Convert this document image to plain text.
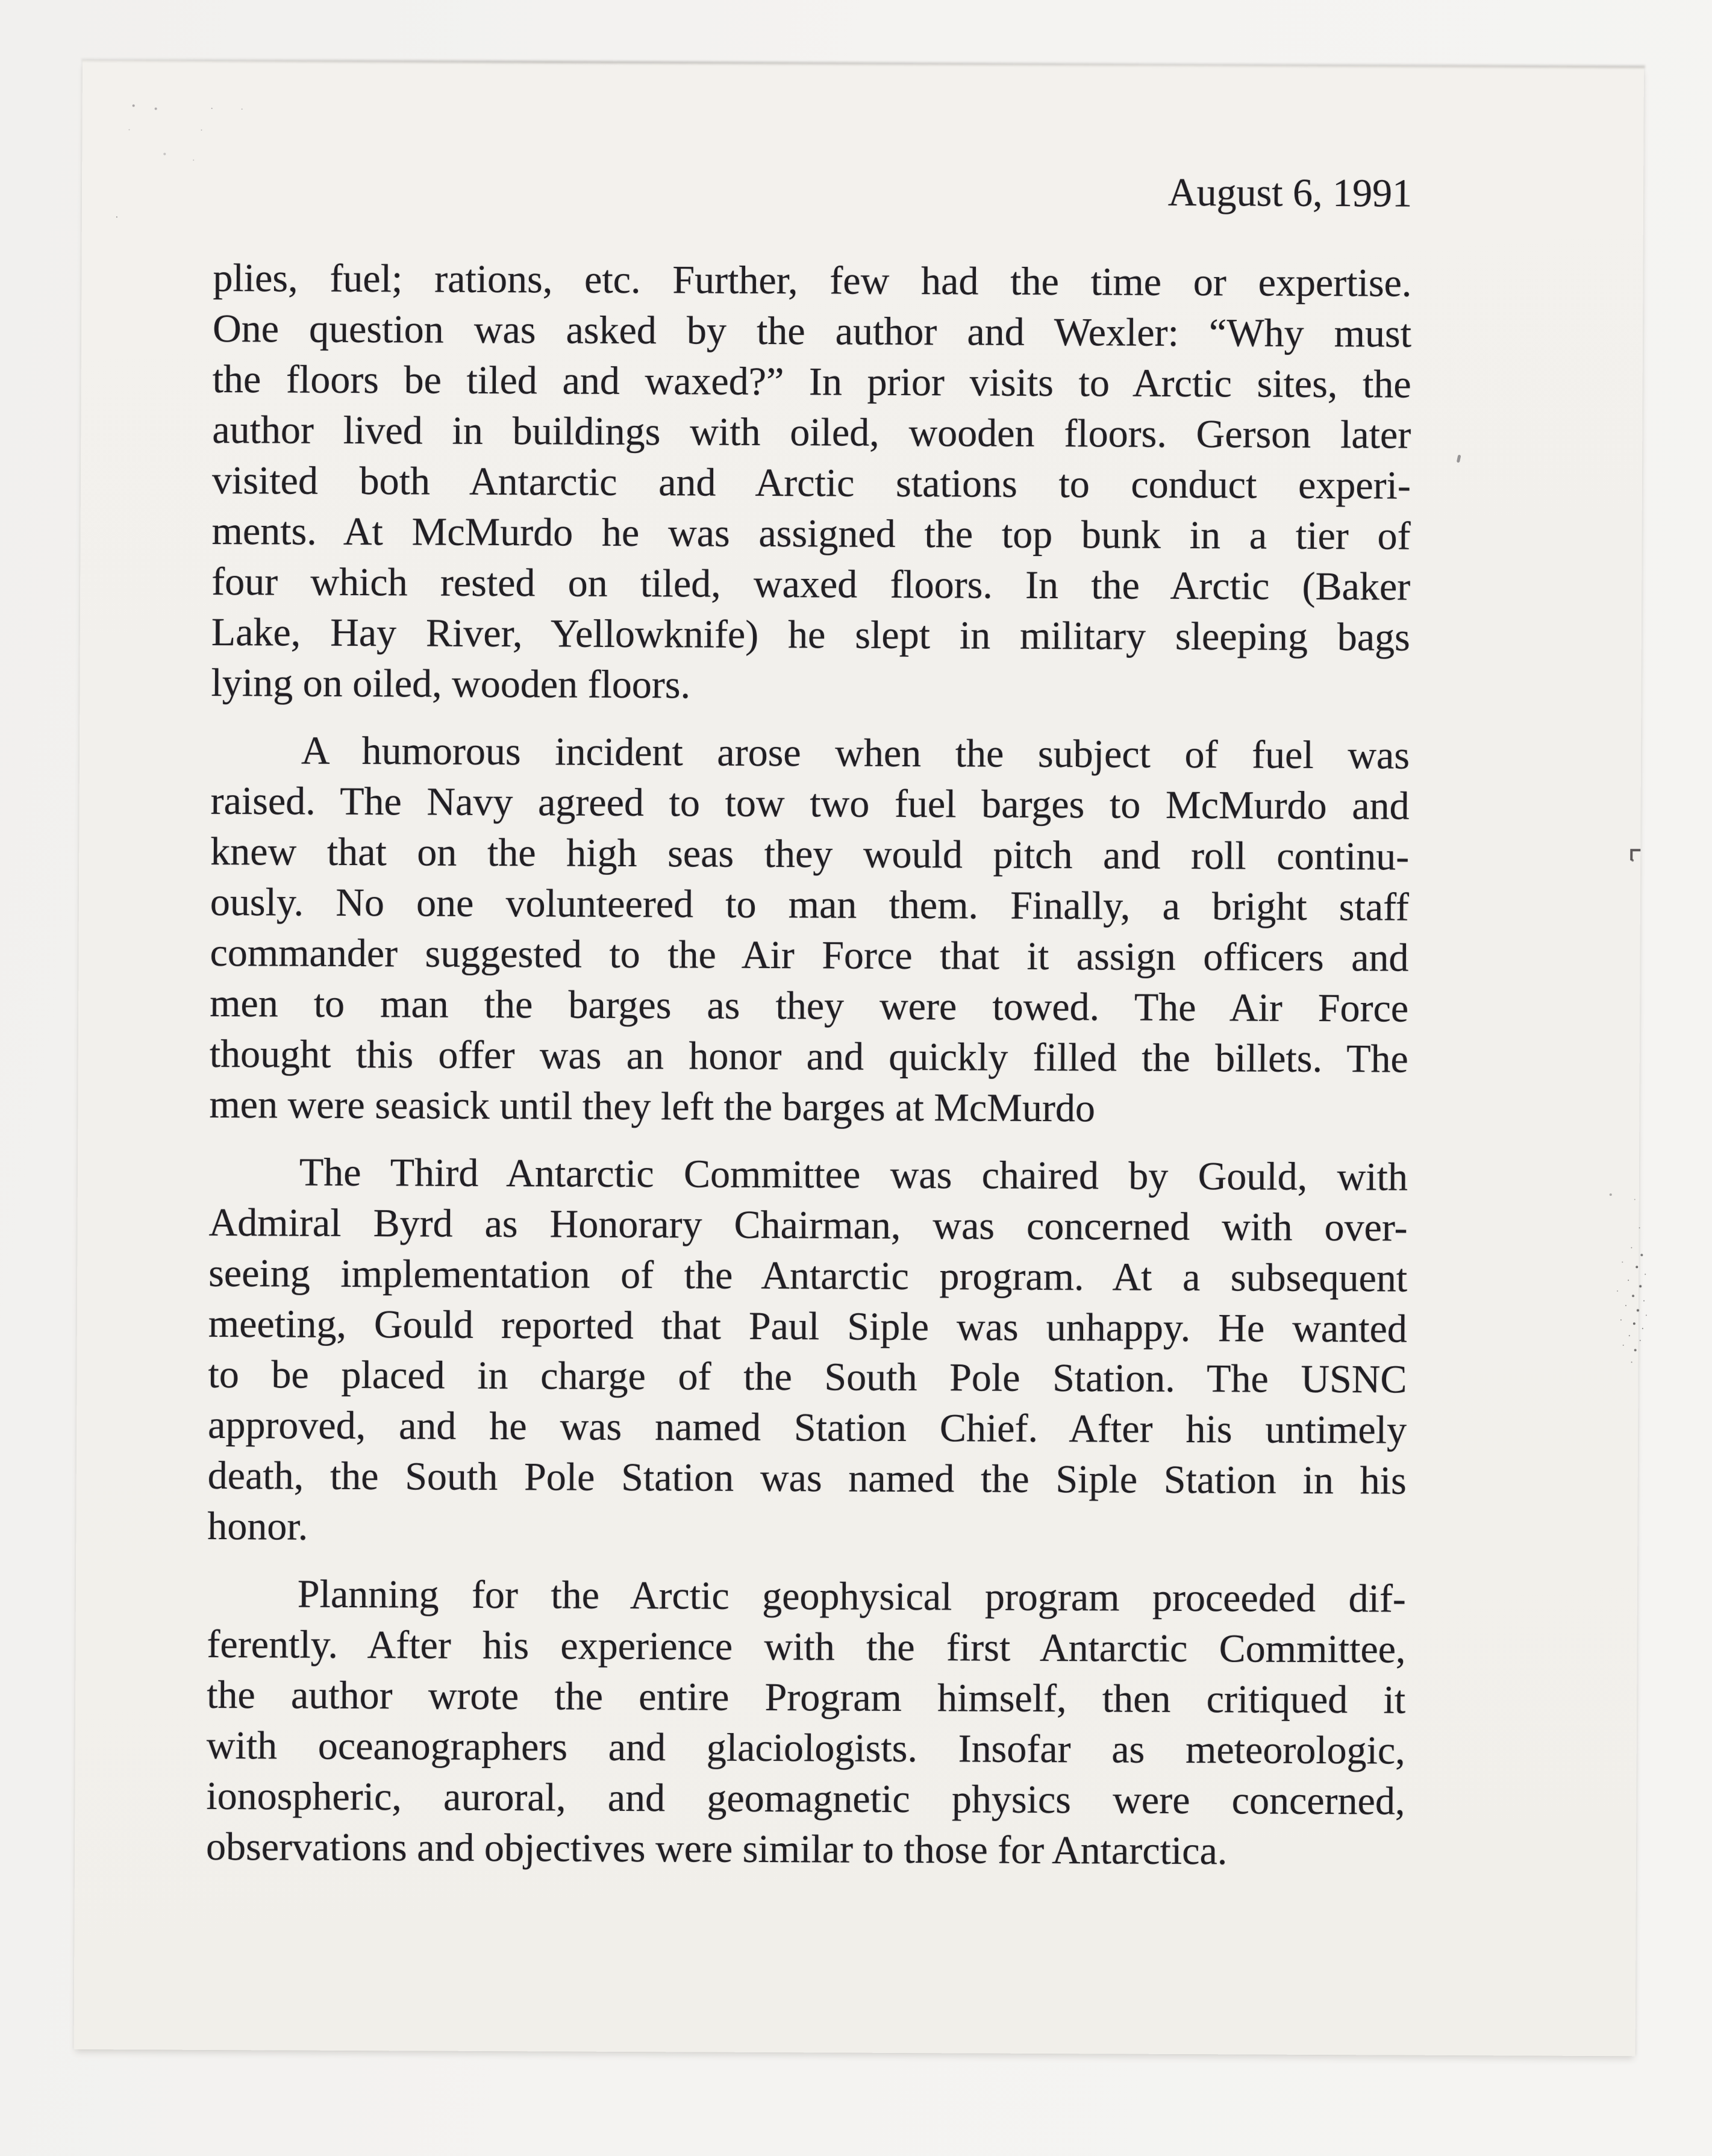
August 6, 1991
plies, fuel; rations, etc. Further, few had the time or expertise.
One question was asked by the author and Wexler: “Why must
the floors be tiled and waxed?” In prior visits to Arctic sites, the
author lived in buildings with oiled, wooden floors. Gerson later
visited both Antarctic and Arctic stations to conduct experi-
ments. At McMurdo he was assigned the top bunk in a tier of
four which rested on tiled, waxed floors. In the Arctic (Baker
Lake, Hay River, Yellowknife) he slept in military sleeping bags
lying on oiled, wooden floors.
A humorous incident arose when the subject of fuel was
raised. The Navy agreed to tow two fuel barges to McMurdo and
knew that on the high seas they would pitch and roll continu-
ously. No one volunteered to man them. Finally, a bright staff
commander suggested to the Air Force that it assign officers and
men to man the barges as they were towed. The Air Force
thought this offer was an honor and quickly filled the billets. The
men were seasick until they left the barges at McMurdo
The Third Antarctic Committee was chaired by Gould, with
Admiral Byrd as Honorary Chairman, was concerned with over-
seeing implementation of the Antarctic program. At a subsequent
meeting, Gould reported that Paul Siple was unhappy. He wanted
to be placed in charge of the South Pole Station. The USNC
approved, and he was named Station Chief. After his untimely
death, the South Pole Station was named the Siple Station in his
honor.
Planning for the Arctic geophysical program proceeded dif-
ferently. After his experience with the first Antarctic Committee,
the author wrote the entire Program himself, then critiqued it
with oceanographers and glaciologists. Insofar as meteorologic,
ionospheric, auroral, and geomagnetic physics were concerned,
observations and objectives were similar to those for Antarctica.
